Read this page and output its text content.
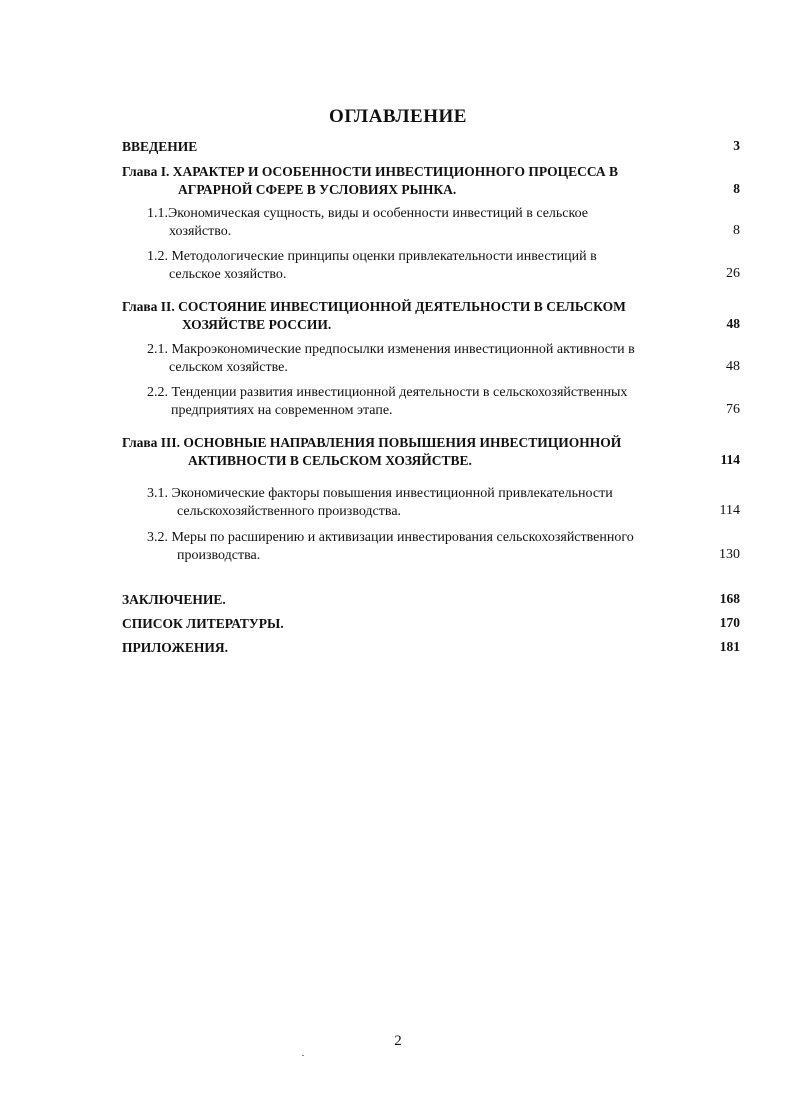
ОГЛАВЛЕНИЕ
ВВЕДЕНИЕ	3
Глава I. ХАРАКТЕР И ОСОБЕННОСТИ ИНВЕСТИЦИОННОГО ПРОЦЕССА В
АГРАРНОЙ СФЕРЕ В УСЛОВИЯХ РЫНКА.	8
1.1.Экономическая сущность, виды и особенности инвестиций в сельское
хозяйство.	8
1.2. Методологические принципы оценки привлекательности инвестиций в
сельское хозяйство.	26
Глава II. СОСТОЯНИЕ ИНВЕСТИЦИОННОЙ ДЕЯТЕЛЬНОСТИ В СЕЛЬСКОМ
ХОЗЯЙСТВЕ РОССИИ.	48
2.1. Макроэкономические предпосылки изменения инвестиционной активности в
сельском хозяйстве.	48
2.2. Тенденции развития инвестиционной деятельности в сельскохозяйственных
предприятиях на современном этапе.	76
Глава III. ОСНОВНЫЕ НАПРАВЛЕНИЯ ПОВЫШЕНИЯ ИНВЕСТИЦИОННОЙ
АКТИВНОСТИ В СЕЛЬСКОМ ХОЗЯЙСТВЕ.	114
3.1. Экономические факторы повышения инвестиционной привлекательности
сельскохозяйственного производства.	114
3.2. Меры по расширению и активизации инвестирования сельскохозяйственного
производства.	130
ЗАКЛЮЧЕНИЕ.	168
СПИСОК ЛИТЕРАТУРЫ.	170
ПРИЛОЖЕНИЯ.	181
2
